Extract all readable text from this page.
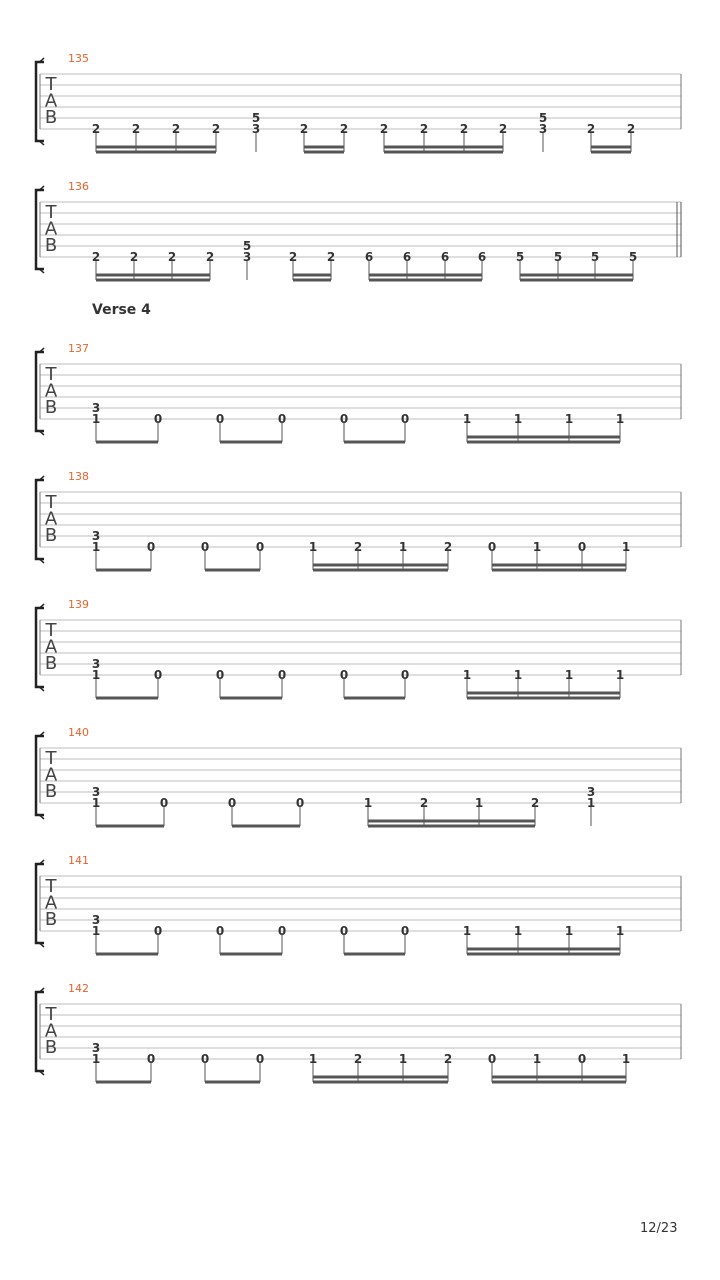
135
T
A
B
2	2	2	2
5
3	2	2	2	2	2	2
5
3	2	2
136
T
A
B
2 2 2 2
5
3	2 2 6 6 6 6 5 5 5 5
Verse 4
137
T
A
B	3
1	0	0	0	0	0	1	1	1	1
138
T
A
B	3
1	0	0	0	1	2	1	2	0	1	0	1
139
T
A
B	3
1	0	0	0	0	0	1	1	1	1
140
T
A
B	3
1	0	0	0	1	2	1	2
3
1
141
T
A
B	3
1	0	0	0	0	0	1	1	1	1
142
T
A
B	3
1	0	0	0	1	2	1	2	0	1	0	1
12/23
